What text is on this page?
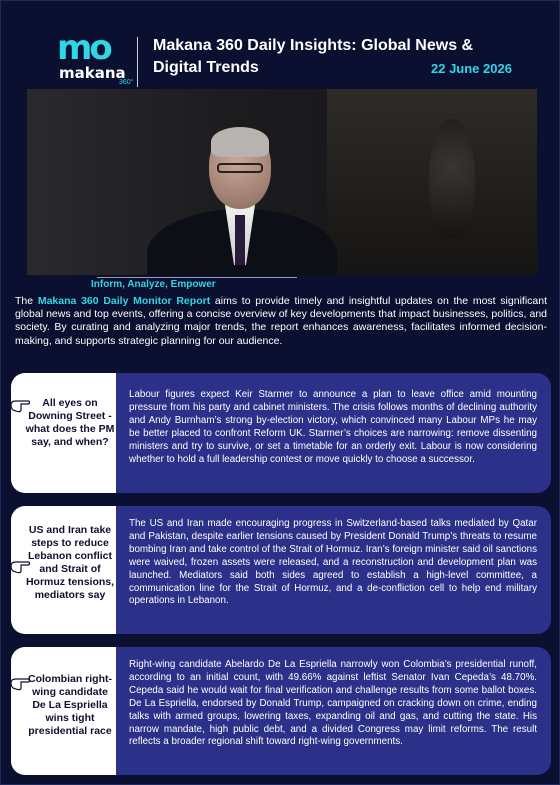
mo
makana
360°
Makana 360 Daily Insights: Global News & Digital Trends	22 June 2026
Inform, Analyze, Empower
The Makana 360 Daily Monitor Report aims to provide timely and insightful updates on the most significant global news and top events, offering a concise overview of key developments that impact businesses, politics, and society. By curating and analyzing major trends, the report enhances awareness, facilitates informed decision-making, and supports strategic planning for our audience.
All eyes on Downing Street - what does the PM say, and when?
Labour figures expect Keir Starmer to announce a plan to leave office amid mounting pressure from his party and cabinet ministers. The crisis follows months of declining authority and Andy Burnham’s strong by-election victory, which convinced many Labour MPs he may be better placed to confront Reform UK. Starmer’s choices are narrowing: remove dissenting ministers and try to survive, or set a timetable for an orderly exit. Labour is now considering whether to hold a full leadership contest or move quickly to choose a successor.
US and Iran take steps to reduce Lebanon conflict and Strait of Hormuz tensions, mediators say
The US and Iran made encouraging progress in Switzerland-based talks mediated by Qatar and Pakistan, despite earlier tensions caused by President Donald Trump’s threats to resume bombing Iran and take control of the Strait of Hormuz. Iran’s foreign minister said oil sanctions were waived, frozen assets were released, and a reconstruction and development plan was launched. Mediators said both sides agreed to establish a high-level committee, a communication line for the Strait of Hormuz, and a de-confliction cell to help end military operations in Lebanon.
Colombian right-wing candidate De La Espriella wins tight presidential race
Right-wing candidate Abelardo De La Espriella narrowly won Colombia’s presidential runoff, according to an initial count, with 49.66% against leftist Senator Ivan Cepeda’s 48.70%. Cepeda said he would wait for final verification and challenge results from some ballot boxes. De La Espriella, endorsed by Donald Trump, campaigned on cracking down on crime, ending talks with armed groups, lowering taxes, expanding oil and gas, and cutting the state. His narrow mandate, high public debt, and a divided Congress may limit reforms. The result reflects a broader regional shift toward right-wing governments.
